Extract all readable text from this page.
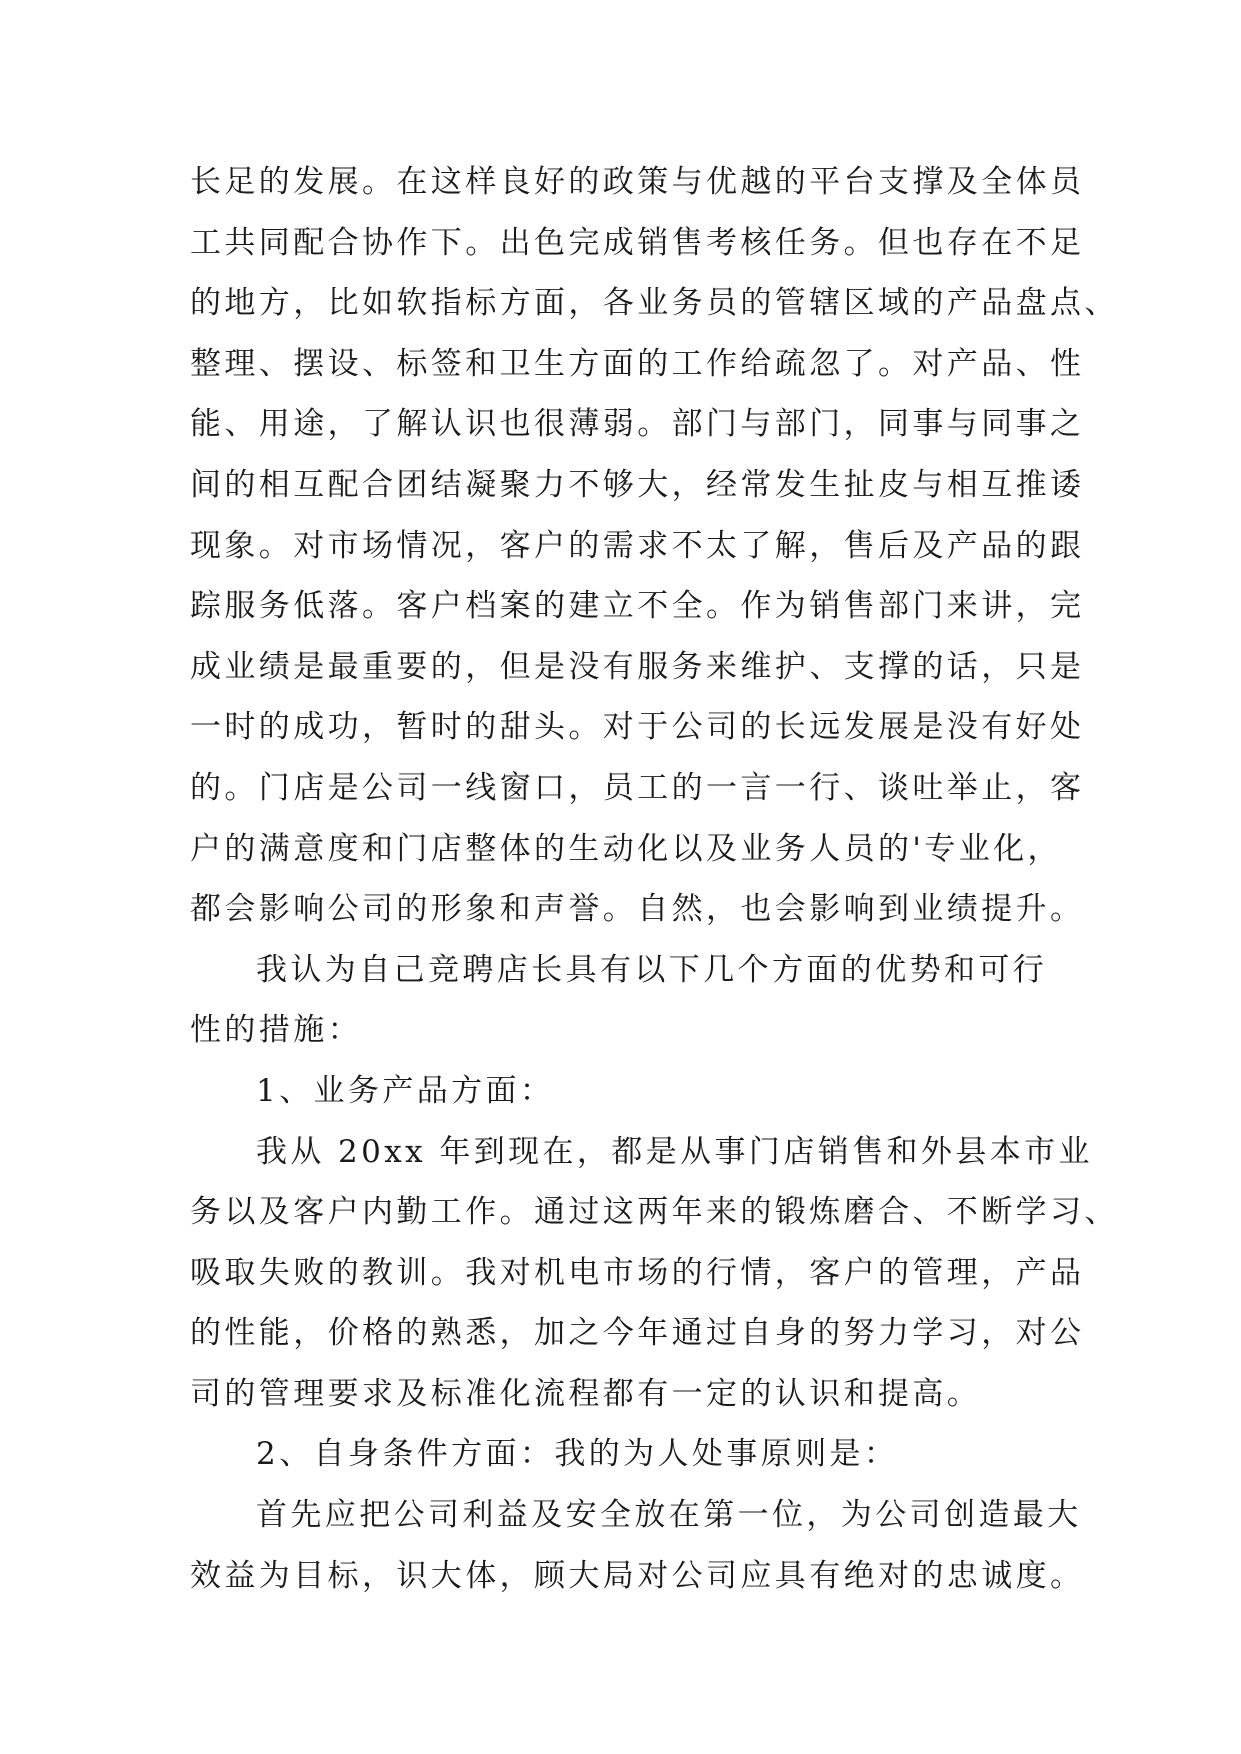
长足的发展。在这样良好的政策与优越的平台支撑及全体员
工共同配合协作下。出色完成销售考核任务。但也存在不足
的地方，比如软指标方面，各业务员的管辖区域的产品盘点、
整理、摆设、标签和卫生方面的工作给疏忽了。对产品、性
能、用途，了解认识也很薄弱。部门与部门，同事与同事之
间的相互配合团结凝聚力不够大，经常发生扯皮与相互推诿
现象。对市场情况，客户的需求不太了解，售后及产品的跟
踪服务低落。客户档案的建立不全。作为销售部门来讲，完
成业绩是最重要的，但是没有服务来维护、支撑的话，只是
一时的成功，暂时的甜头。对于公司的长远发展是没有好处
的。门店是公司一线窗口，员工的一言一行、谈吐举止，客
户的满意度和门店整体的生动化以及业务人员的'专业化，
都会影响公司的形象和声誉。自然，也会影响到业绩提升。
我认为自己竞聘店长具有以下几个方面的优势和可行
性的措施：
1、业务产品方面：
我从 20xx 年到现在，都是从事门店销售和外县本市业
务以及客户内勤工作。通过这两年来的锻炼磨合、不断学习、
吸取失败的教训。我对机电市场的行情，客户的管理，产品
的性能，价格的熟悉，加之今年通过自身的努力学习，对公
司的管理要求及标准化流程都有一定的认识和提高。
2、自身条件方面：我的为人处事原则是：
首先应把公司利益及安全放在第一位，为公司创造最大
效益为目标，识大体，顾大局对公司应具有绝对的忠诚度。
